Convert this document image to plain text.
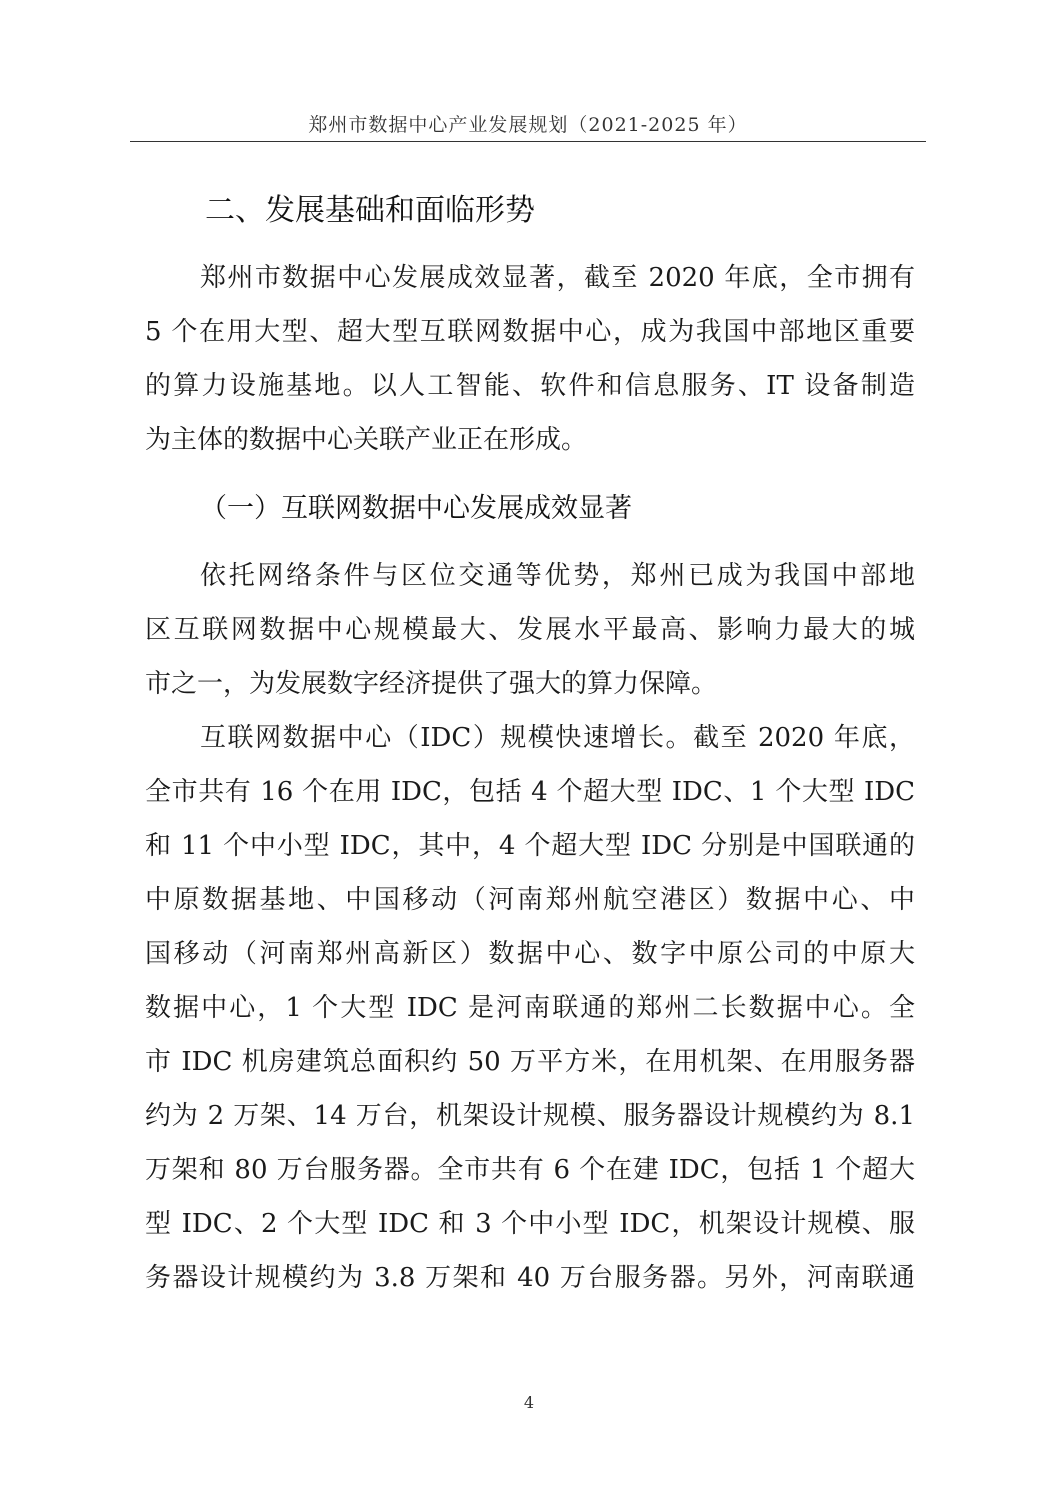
郑州市数据中心产业发展规划（2021-2025 年）
二、发展基础和面临形势
郑州市数据中心发展成效显著，截至 2020 年底，全市拥有
5 个在用大型、超大型互联网数据中心，成为我国中部地区重要
的算力设施基地。以人工智能、软件和信息服务、IT 设备制造
为主体的数据中心关联产业正在形成。
（一）互联网数据中心发展成效显著
依托网络条件与区位交通等优势，郑州已成为我国中部地
区互联网数据中心规模最大、发展水平最高、影响力最大的城
市之一，为发展数字经济提供了强大的算力保障。
互联网数据中心（IDC）规模快速增长。截至 2020 年底，
全市共有 16 个在用 IDC，包括 4 个超大型 IDC、1 个大型 IDC
和 11 个中小型 IDC，其中，4 个超大型 IDC 分别是中国联通的
中原数据基地、中国移动（河南郑州航空港区）数据中心、中
国移动（河南郑州高新区）数据中心、数字中原公司的中原大
数据中心，1 个大型 IDC 是河南联通的郑州二长数据中心。全
市 IDC 机房建筑总面积约 50 万平方米，在用机架、在用服务器
约为 2 万架、14 万台，机架设计规模、服务器设计规模约为 8.1
万架和 80 万台服务器。全市共有 6 个在建 IDC，包括 1 个超大
型 IDC、2 个大型 IDC 和 3 个中小型 IDC，机架设计规模、服
务器设计规模约为 3.8 万架和 40 万台服务器。另外，河南联通
4
